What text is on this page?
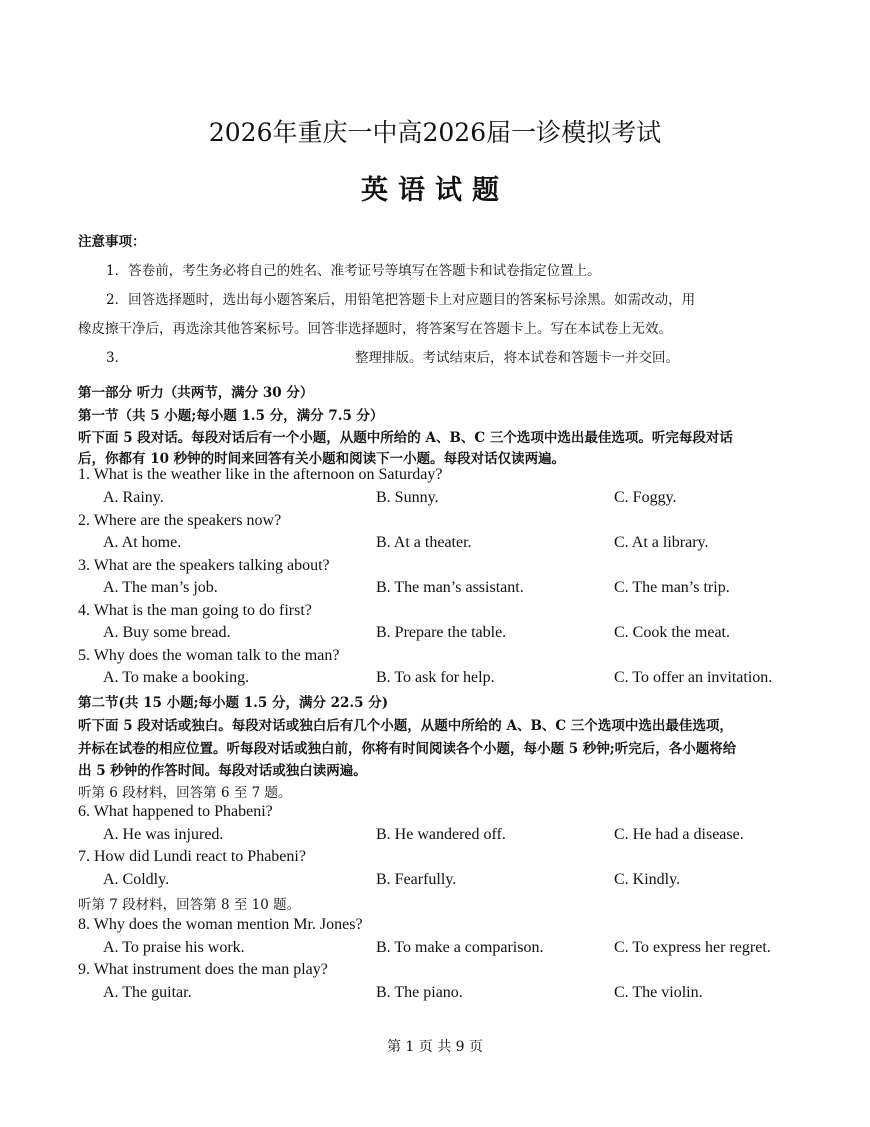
2026年重庆一中高2026届一诊模拟考试
英语试题
注意事项：
1．答卷前，考生务必将自己的姓名、准考证号等填写在答题卡和试卷指定位置上。
2．回答选择题时，选出每小题答案后，用铅笔把答题卡上对应题目的答案标号涂黑。如需改动，用
橡皮擦干净后，再选涂其他答案标号。回答非选择题时，将答案写在答题卡上。写在本试卷上无效。
3．	整理排版。考试结束后，将本试卷和答题卡一并交回。
第一部分 听力（共两节，满分 30 分）
第一节（共 5 小题;每小题 1.5 分，满分 7.5 分）
听下面 5 段对话。每段对话后有一个小题，从题中所给的 A、B、C 三个选项中选出最佳选项。听完每段对话
后，你都有 10 秒钟的时间来回答有关小题和阅读下一小题。每段对话仅读两遍。
1. What is the weather like in the afternoon on Saturday?
A. Rainy.	B. Sunny.	C. Foggy.
2. Where are the speakers now?
A. At home.	B. At a theater.	C. At a library.
3. What are the speakers talking about?
A. The man’s job.	B. The man’s assistant.	C. The man’s trip.
4. What is the man going to do first?
A. Buy some bread.	B. Prepare the table.	C. Cook the meat.
5. Why does the woman talk to the man?
A. To make a booking.	B. To ask for help.	C. To offer an invitation.
第二节(共 15 小题;每小题 1.5 分，满分 22.5 分)
听下面 5 段对话或独白。每段对话或独白后有几个小题，从题中所给的 A、B、C 三个选项中选出最佳选项，
并标在试卷的相应位置。听每段对话或独白前，你将有时间阅读各个小题，每小题 5 秒钟;听完后，各小题将给
出 5 秒钟的作答时间。每段对话或独白读两遍。
听第 6 段材料，回答第 6 至 7 题。
6. What happened to Phabeni?
A. He was injured.	B. He wandered off.	C. He had a disease.
7. How did Lundi react to Phabeni?
A. Coldly.	B. Fearfully.	C. Kindly.
听第 7 段材料，回答第 8 至 10 题。
8. Why does the woman mention Mr. Jones?
A. To praise his work.	B. To make a comparison.	C. To express her regret.
9. What instrument does the man play?
A. The guitar.	B. The piano.	C. The violin.
第 1 页 共 9 页
